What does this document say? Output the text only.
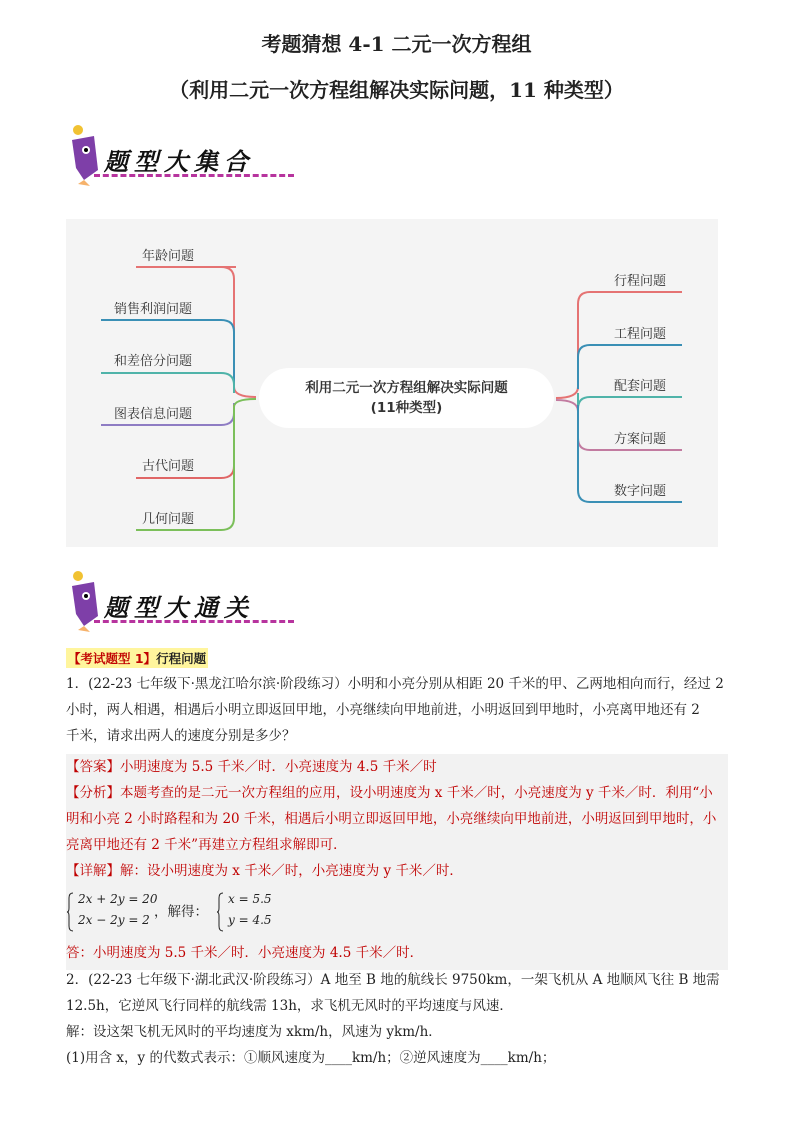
考题猜想 4-1 二元一次方程组
（利用二元一次方程组解决实际问题，11 种类型）
题型大集合
利用二元一次方程组解决实际问题
(11种类型)
年龄问题
销售利润问题
和差倍分问题
图表信息问题
古代问题
几何问题
行程问题
工程问题
配套问题
方案问题
数字问题
题型大通关
【考试题型 1】行程问题
1．(22-23 七年级下·黑龙江哈尔滨·阶段练习）小明和小亮分别从相距 20 千米的甲、乙两地相向而行，经过 2
小时，两人相遇，相遇后小明立即返回甲地，小亮继续向甲地前进，小明返回到甲地时，小亮离甲地还有 2
千米，请求出两人的速度分别是多少？
【答案】小明速度为 5.5 千米／时．小亮速度为 4.5 千米／时
【分析】本题考查的是二元一次方程组的应用，设小明速度为 x 千米／时，小亮速度为 y 千米／时．利用“小
明和小亮 2 小时路程和为 20 千米，相遇后小明立即返回甲地，小亮继续向甲地前进，小明返回到甲地时，小
亮离甲地还有 2 千米”再建立方程组求解即可．
【详解】解：设小明速度为 x 千米／时，小亮速度为 y 千米／时．
2x + 2y = 20
2x − 2y = 2 ，解得：
x = 5.5
y = 4.5
答：小明速度为 5.5 千米／时．小亮速度为 4.5 千米／时．
2．(22-23 七年级下·湖北武汉·阶段练习）A 地至 B 地的航线长 9750km，一架飞机从 A 地顺风飞往 B 地需
12.5h，它逆风飞行同样的航线需 13h，求飞机无风时的平均速度与风速．
解：设这架飞机无风时的平均速度为 xkm/h，风速为 ykm/h．
(1)用含 x，y 的代数式表示：①顺风速度为____km/h；②逆风速度为____km/h；
